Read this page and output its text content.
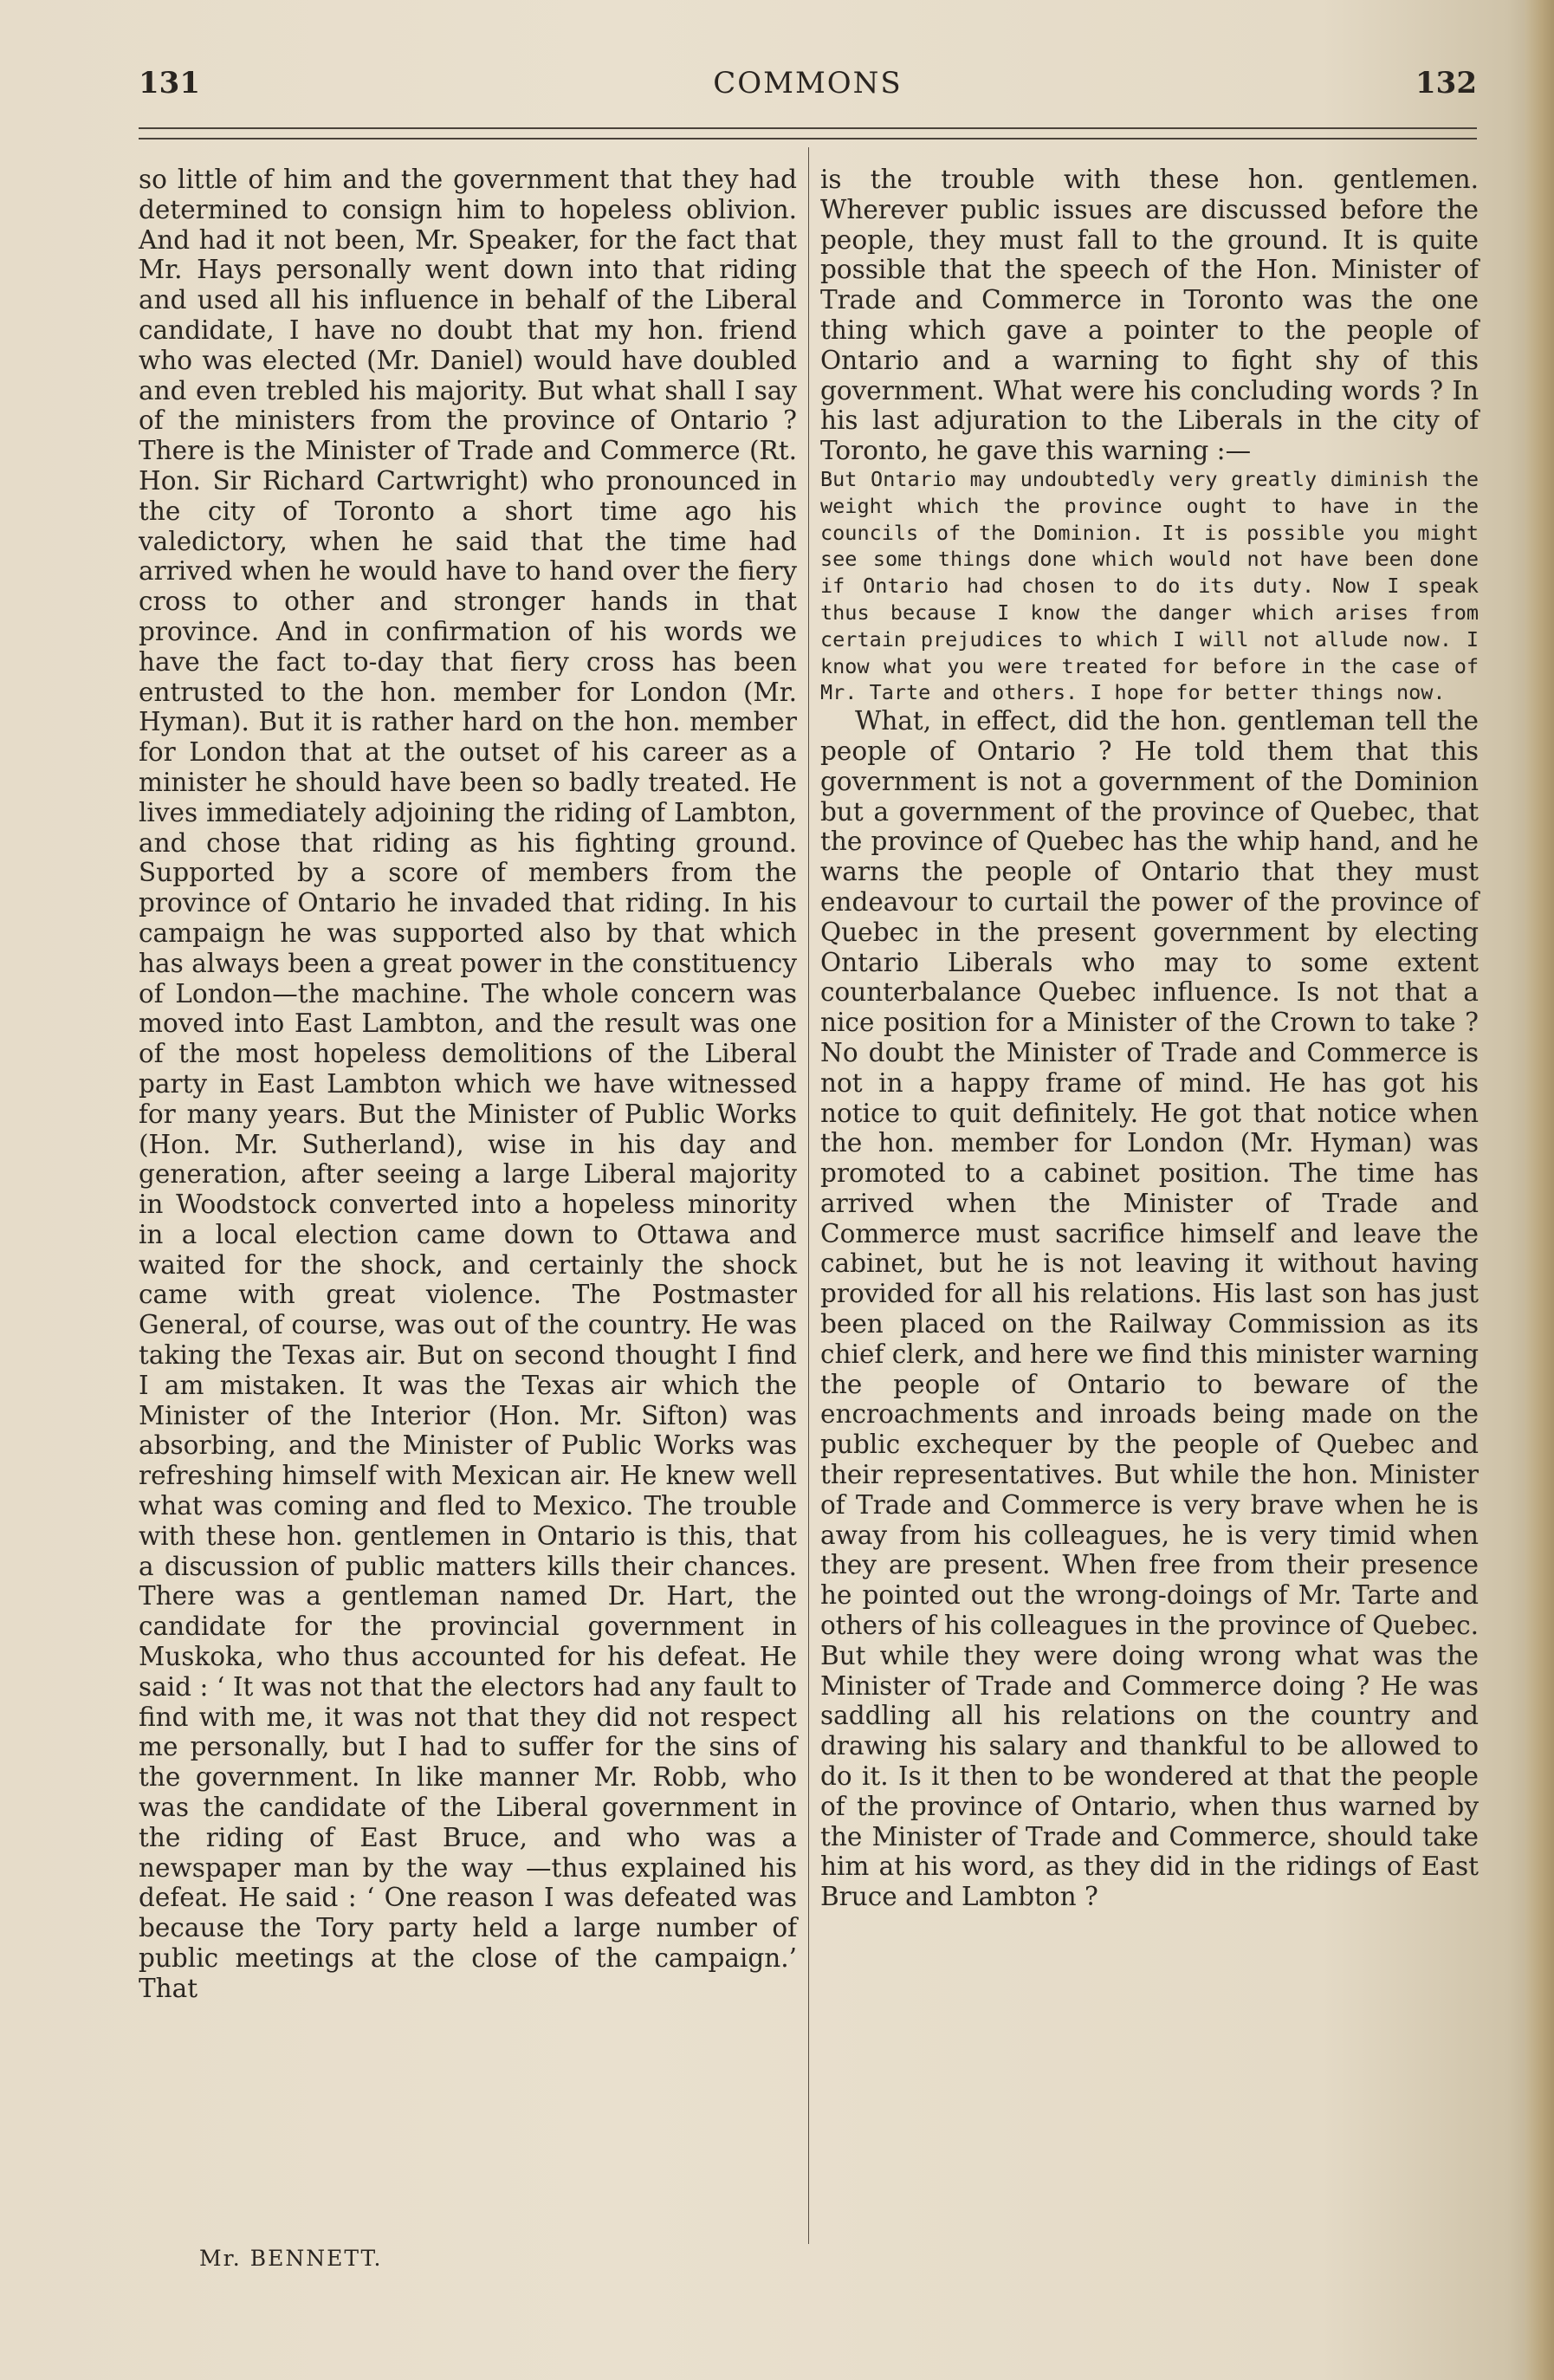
131	COMMONS	132

so little of him and the government that they had determined to consign him to hopeless oblivion. And had it not been, Mr. Speaker, for the fact that Mr. Hays personally went down into that riding and used all his influence in behalf of the Liberal candidate, I have no doubt that my hon. friend who was elected (Mr. Daniel) would have doubled and even trebled his majority. But what shall I say of the ministers from the province of Ontario ? There is the Minister of Trade and Commerce (Rt. Hon. Sir Richard Cartwright) who pronounced in the city of Toronto a short time ago his valedictory, when he said that the time had arrived when he would have to hand over the fiery cross to other and stronger hands in that province. And in confirmation of his words we have the fact to-day that fiery cross has been entrusted to the hon. member for London (Mr. Hyman). But it is rather hard on the hon. member for London that at the outset of his career as a minister he should have been so badly treated. He lives immediately adjoining the riding of Lambton, and chose that riding as his fighting ground. Supported by a score of members from the province of Ontario he invaded that riding. In his campaign he was supported also by that which has always been a great power in the constituency of London—the machine. The whole concern was moved into East Lambton, and the result was one of the most hopeless demolitions of the Liberal party in East Lambton which we have witnessed for many years. But the Minister of Public Works (Hon. Mr. Sutherland), wise in his day and generation, after seeing a large Liberal majority in Woodstock converted into a hopeless minority in a local election came down to Ottawa and waited for the shock, and certainly the shock came with great violence. The Postmaster General, of course, was out of the country. He was taking the Texas air. But on second thought I find I am mistaken. It was the Texas air which the Minister of the Interior (Hon. Mr. Sifton) was absorbing, and the Minister of Public Works was refreshing himself with Mexican air. He knew well what was coming and fled to Mexico. The trouble with these hon. gentlemen in Ontario is this, that a discussion of public matters kills their chances. There was a gentleman named Dr. Hart, the candidate for the provincial government in Muskoka, who thus accounted for his defeat. He said : ‘ It was not that the electors had any fault to find with me, it was not that they did not respect me personally, but I had to suffer for the sins of the government. In like manner Mr. Robb, who was the candidate of the Liberal government in the riding of East Bruce, and who was a newspaper man by the way —thus explained his defeat. He said : ‘ One reason I was defeated was because the Tory party held a large number of public meetings at the close of the campaign.’ That

is the trouble with these hon. gentlemen. Wherever public issues are discussed before the people, they must fall to the ground. It is quite possible that the speech of the Hon. Minister of Trade and Commerce in Toronto was the one thing which gave a pointer to the people of Ontario and a warning to fight shy of this government. What were his concluding words ? In his last adjuration to the Liberals in the city of Toronto, he gave this warning :—

But Ontario may undoubtedly very greatly diminish the weight which the province ought to have in the councils of the Dominion. It is possible you might see some things done which would not have been done if Ontario had chosen to do its duty. Now I speak thus because I know the danger which arises from certain prejudices to which I will not allude now. I know what you were treated for before in the case of Mr. Tarte and others. I hope for better things now.

What, in effect, did the hon. gentleman tell the people of Ontario ? He told them that this government is not a government of the Dominion but a government of the province of Quebec, that the province of Quebec has the whip hand, and he warns the people of Ontario that they must endeavour to curtail the power of the province of Quebec in the present government by electing Ontario Liberals who may to some extent counterbalance Quebec influence. Is not that a nice position for a Minister of the Crown to take ? No doubt the Minister of Trade and Commerce is not in a happy frame of mind. He has got his notice to quit definitely. He got that notice when the hon. member for London (Mr. Hyman) was promoted to a cabinet position. The time has arrived when the Minister of Trade and Commerce must sacrifice himself and leave the cabinet, but he is not leaving it without having provided for all his relations. His last son has just been placed on the Railway Commission as its chief clerk, and here we find this minister warning the people of Ontario to beware of the encroachments and inroads being made on the public exchequer by the people of Quebec and their representatives. But while the hon. Minister of Trade and Commerce is very brave when he is away from his colleagues, he is very timid when they are present. When free from their presence he pointed out the wrong-doings of Mr. Tarte and others of his colleagues in the province of Quebec. But while they were doing wrong what was the Minister of Trade and Commerce doing ? He was saddling all his relations on the country and drawing his salary and thankful to be allowed to do it. Is it then to be wondered at that the people of the province of Ontario, when thus warned by the Minister of Trade and Commerce, should take him at his word, as they did in the ridings of East Bruce and Lambton ?

Mr. BENNETT.
